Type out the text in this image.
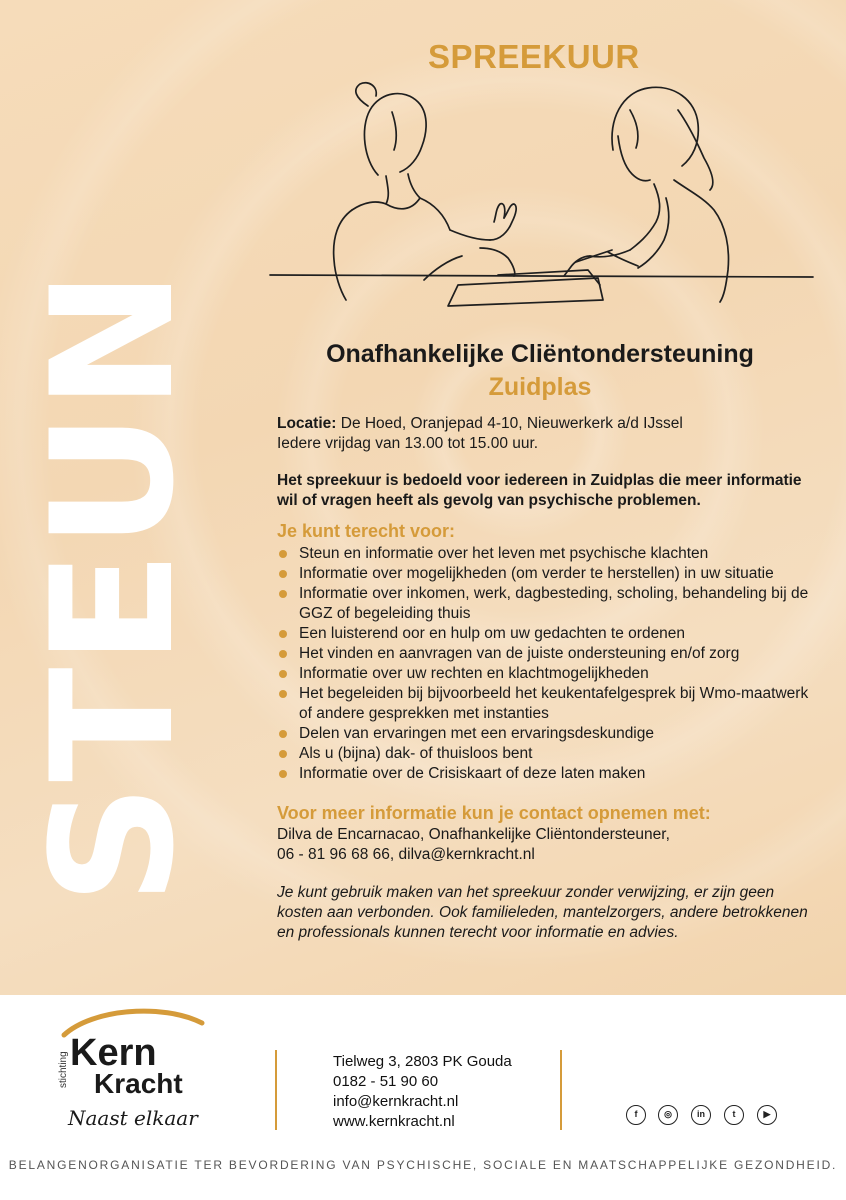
STEUN
SPREEKUUR
Onafhankelijke Cliëntondersteuning
Zuidplas
Locatie: De Hoed, Oranjepad 4-10, Nieuwerkerk a/d IJssel
Iedere vrijdag van 13.00 tot 15.00 uur.
Het spreekuur is bedoeld voor iedereen in Zuidplas die meer informatie wil of vragen heeft als gevolg van psychische problemen.
Je kunt terecht voor:
Steun en informatie over het leven met psychische klachten
Informatie over mogelijkheden (om verder te herstellen) in uw situatie
Informatie over inkomen, werk, dagbesteding, scholing, behandeling bij de GGZ of begeleiding thuis
Een luisterend oor en hulp om uw gedachten te ordenen
Het vinden en aanvragen van de juiste ondersteuning en/of zorg
Informatie over uw rechten en klachtmogelijkheden
Het begeleiden bij bijvoorbeeld het keukentafelgesprek bij Wmo-maatwerk of andere gesprekken met instanties
Delen van ervaringen met een ervaringsdeskundige
Als u (bijna) dak- of thuisloos bent
Informatie over de Crisiskaart of deze laten maken
Voor meer informatie kun je contact opnemen met:
Dilva de Encarnacao, Onafhankelijke Cliëntondersteuner,
06 - 81 96 68 66, dilva@kernkracht.nl
Je kunt gebruik maken van het spreekuur zonder verwijzing, er zijn geen kosten aan verbonden. Ook familieleden, mantelzorgers, andere betrokkenen en professionals kunnen terecht voor informatie en advies.
stichting Kern
Kracht
Naast elkaar
Tielweg 3, 2803 PK Gouda
0182 - 51 90 60
info@kernkracht.nl
www.kernkracht.nl	f	◎	in	t	▶
BELANGENORGANISATIE TER BEVORDERING VAN PSYCHISCHE, SOCIALE EN MAATSCHAPPELIJKE GEZONDHEID.
